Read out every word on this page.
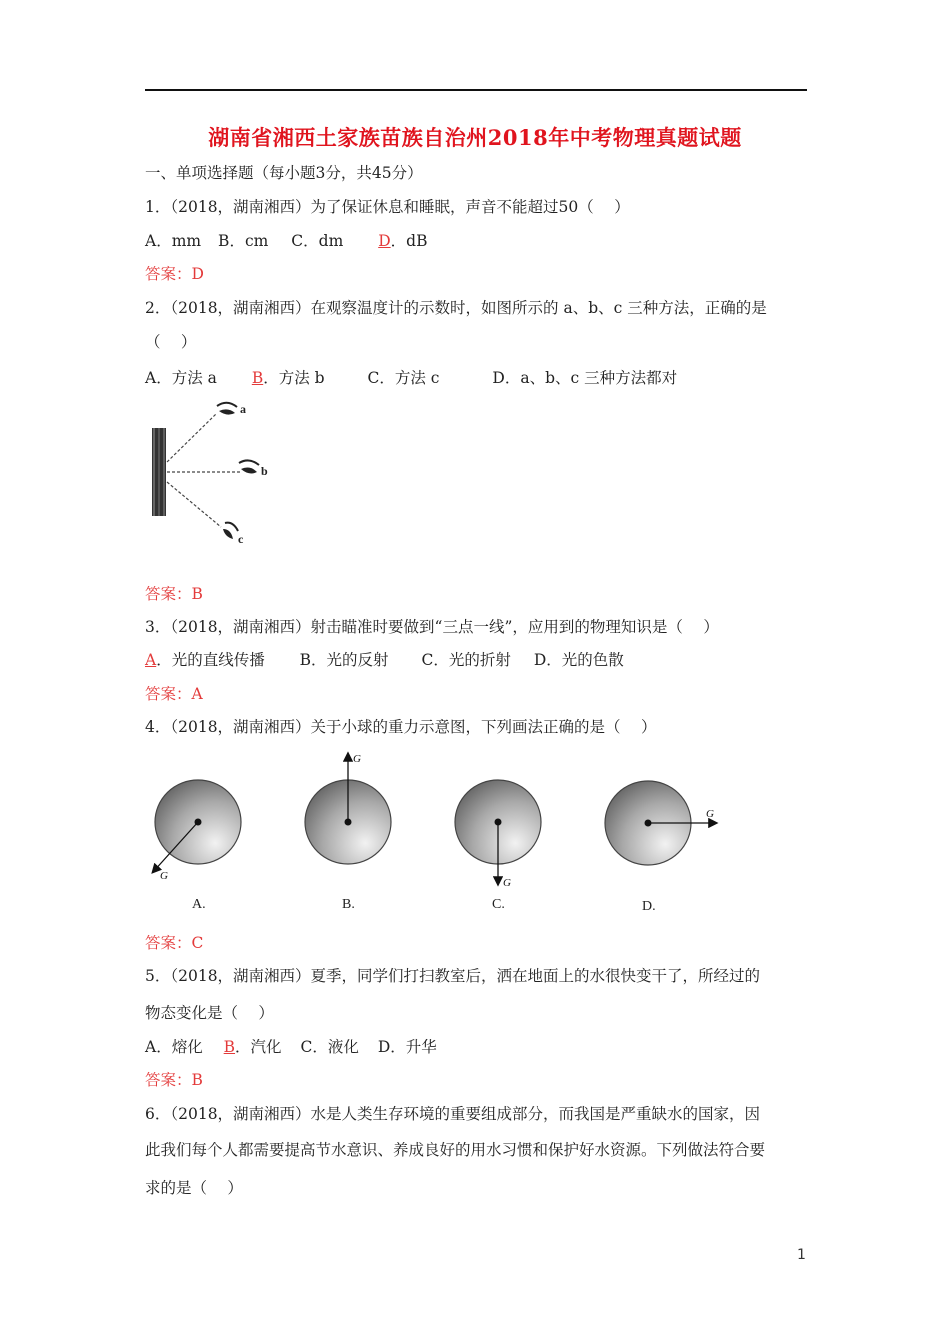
湖南省湘西土家族苗族自治州2018年中考物理真题试题
一、单项选择题（每小题3分，共45分）
1．（2018，湖南湘西）为了保证休息和睡眠，声音不能超过50（　 ）
A．mm B．cm C．dm D．dB
答案：D
2．（2018，湖南湘西）在观察温度计的示数时，如图所示的 a、b、c 三种方法，正确的是
（　 ）
A．方法 a B．方法 b	C．方法 c	D．a、b、c 三种方法都对
a
b
c
答案：B
3．（2018，湖南湘西）射击瞄准时要做到“三点一线”，应用到的物理知识是（　 ）
A．光的直线传播 B．光的反射 C．光的折射 D．光的色散
答案：A
4．（2018，湖南湘西）关于小球的重力示意图，下列画法正确的是（　 ）
G
A.
G
B.
G
C.
G
D.
答案：C
5．（2018，湖南湘西）夏季，同学们打扫教室后，洒在地面上的水很快变干了，所经过的
物态变化是（　 ）
A．熔化 B．汽化 C．液化 D．升华
答案：B
6．（2018，湖南湘西）水是人类生存环境的重要组成部分，而我国是严重缺水的国家，因
此我们每个人都需要提高节水意识、养成良好的用水习惯和保护好水资源。下列做法符合要
求的是（　 ）
1
